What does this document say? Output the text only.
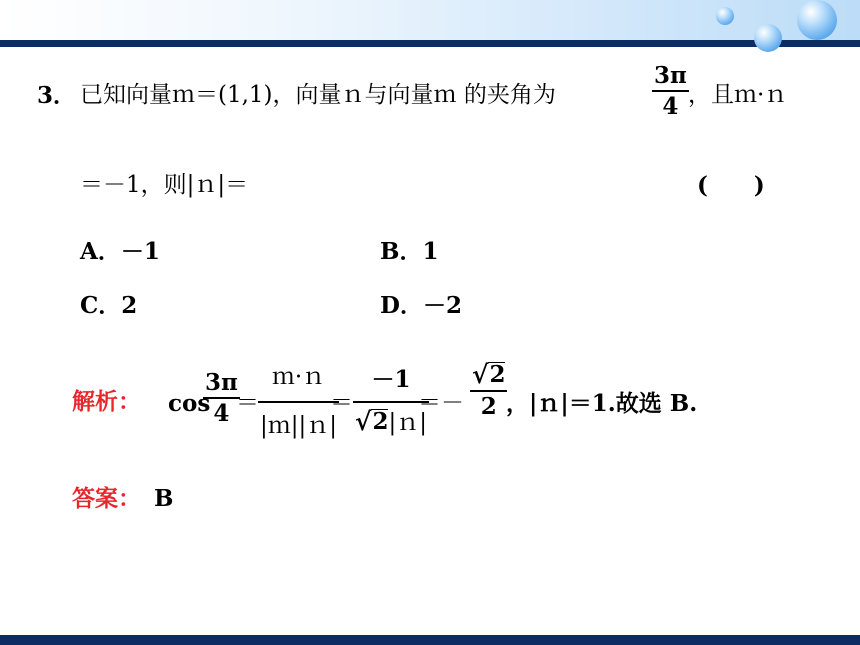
3． 已知向量ｍ＝(1,1)，向量ｎ与向量ｍ 的夹角为
3π
4 ，且ｍ·ｎ
＝－1，则|ｎ|＝	(　　)
A．－1	B．1
C．2	D．－2
解析： cos
3π
4 ＝
ｍ·ｎ
|ｍ||ｎ|
＝
－1
√ 2 |ｎ|
＝－
√ 2
2 ，|ｎ|＝1.故选 B.
答案： B
